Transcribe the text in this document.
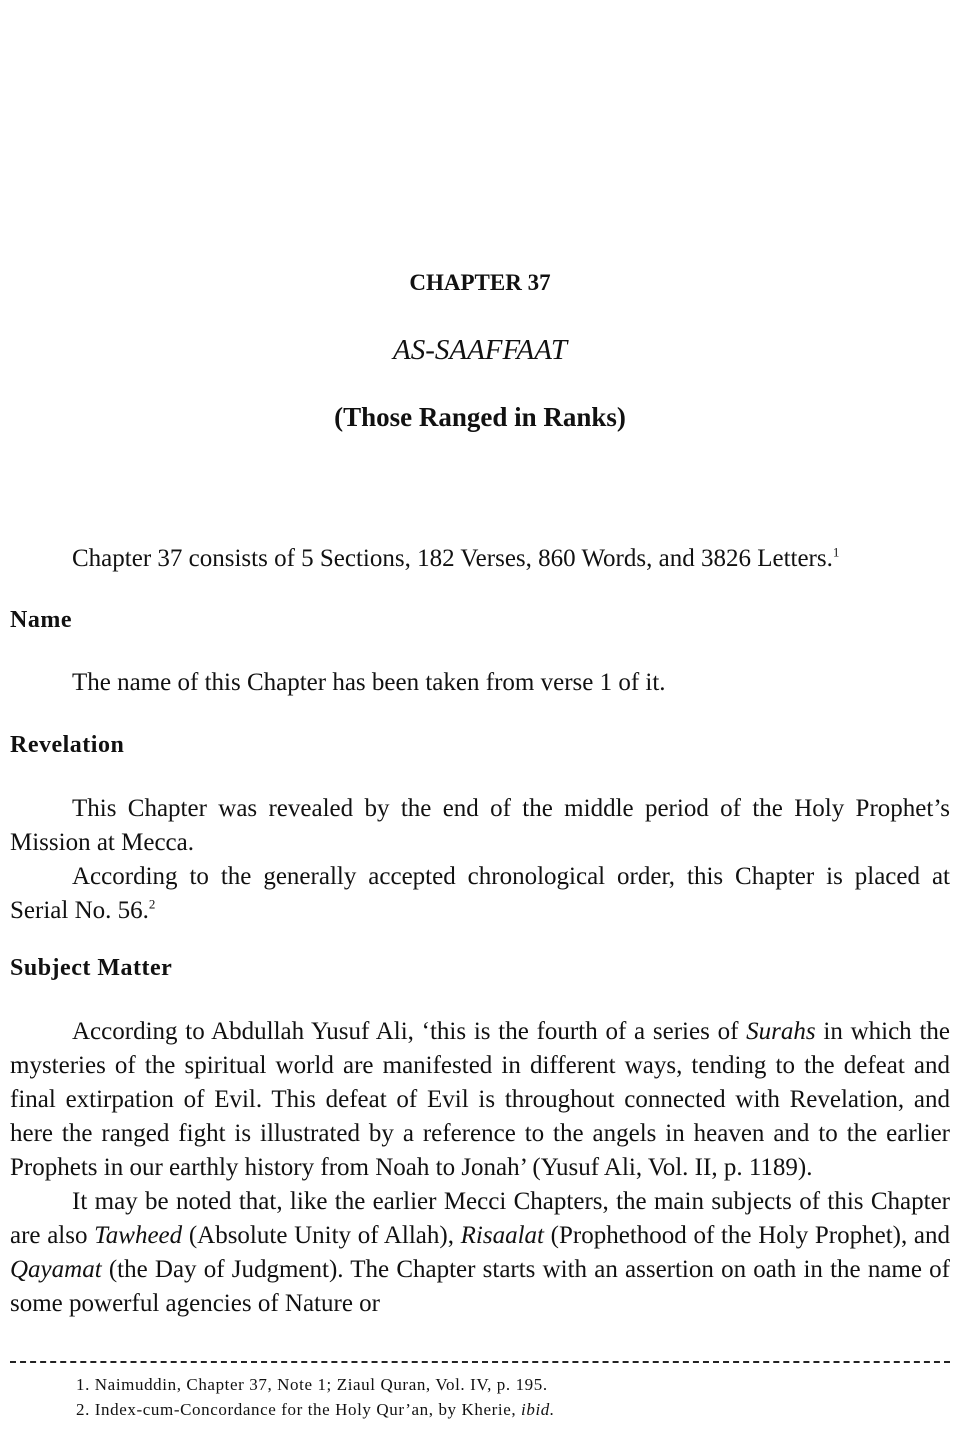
CHAPTER 37
AS-SAAFFAAT
(Those Ranged in Ranks)

Chapter 37 consists of 5 Sections, 182 Verses, 860 Words, and 3826 Letters.$^1$

Name

The name of this Chapter has been taken from verse 1 of it.

Revelation

This Chapter was revealed by the end of the middle period of the Holy Prophet’s Mission at Mecca.

According to the generally accepted chronological order, this Chapter is placed at Serial No. 56.$^2$

Subject Matter

According to Abdullah Yusuf Ali, ‘this is the fourth of a series of Surahs in which the mysteries of the spiritual world are manifested in different ways, tending to the defeat and final extirpation of Evil. This defeat of Evil is throughout connected with Revelation, and here the ranged fight is illustrated by a reference to the angels in heaven and to the earlier Prophets in our earthly history from Noah to Jonah’ (Yusuf Ali, Vol. II, p. 1189).

It may be noted that, like the earlier Mecci Chapters, the main subjects of this Chapter are also Tawheed (Absolute Unity of Allah), Risaalat (Prophethood of the Holy Prophet), and Qayamat (the Day of Judgment). The Chapter starts with an assertion on oath in the name of some powerful agencies of Nature or

1. Naimuddin, Chapter 37, Note 1; Ziaul Quran, Vol. IV, p. 195.
2. Index-cum-Concordance for the Holy Qur’an, by Kherie, ibid.
